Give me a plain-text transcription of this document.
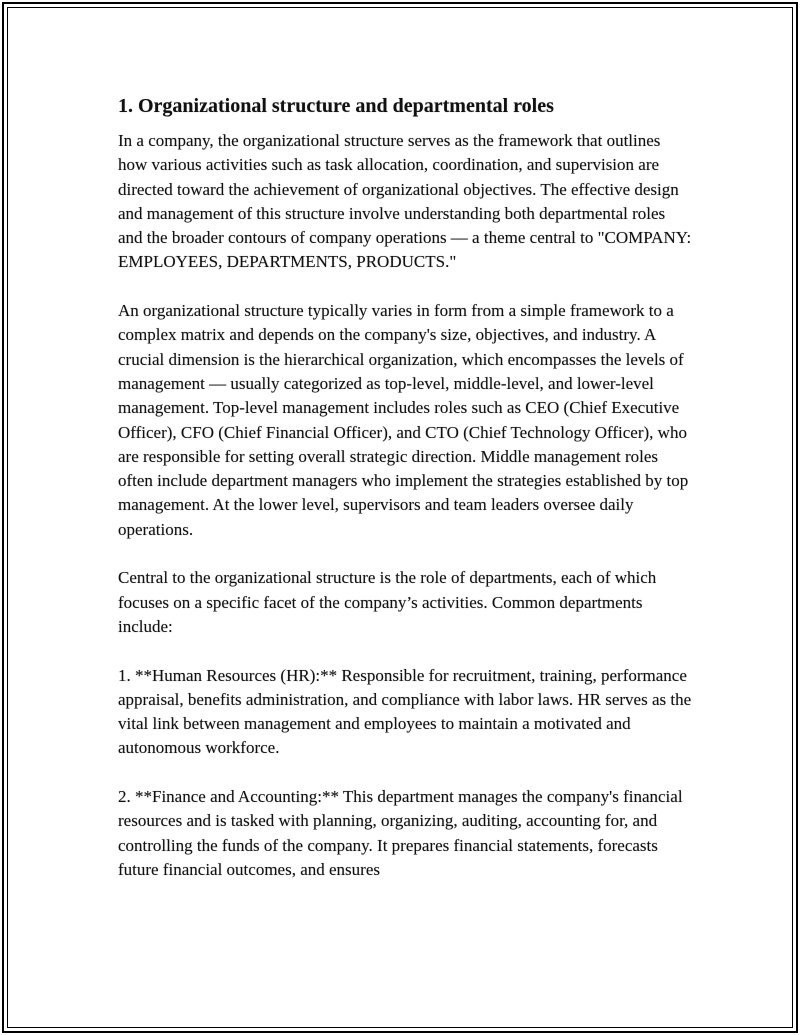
1. Organizational structure and departmental roles

In a company, the organizational structure serves as the framework that outlines how various activities such as task allocation, coordination, and supervision are directed toward the achievement of organizational objectives. The effective design and management of this structure involve understanding both departmental roles and the broader contours of company operations — a theme central to "COMPANY: EMPLOYEES, DEPARTMENTS, PRODUCTS."

An organizational structure typically varies in form from a simple framework to a complex matrix and depends on the company's size, objectives, and industry. A crucial dimension is the hierarchical organization, which encompasses the levels of management — usually categorized as top-level, middle-level, and lower-level management. Top-level management includes roles such as CEO (Chief Executive Officer), CFO (Chief Financial Officer), and CTO (Chief Technology Officer), who are responsible for setting overall strategic direction. Middle management roles often include department managers who implement the strategies established by top management. At the lower level, supervisors and team leaders oversee daily operations.

Central to the organizational structure is the role of departments, each of which focuses on a specific facet of the company’s activities. Common departments include:

1. **Human Resources (HR):** Responsible for recruitment, training, performance appraisal, benefits administration, and compliance with labor laws. HR serves as the vital link between management and employees to maintain a motivated and autonomous workforce.

2. **Finance and Accounting:** This department manages the company's financial resources and is tasked with planning, organizing, auditing, accounting for, and controlling the funds of the company. It prepares financial statements, forecasts future financial outcomes, and ensures
